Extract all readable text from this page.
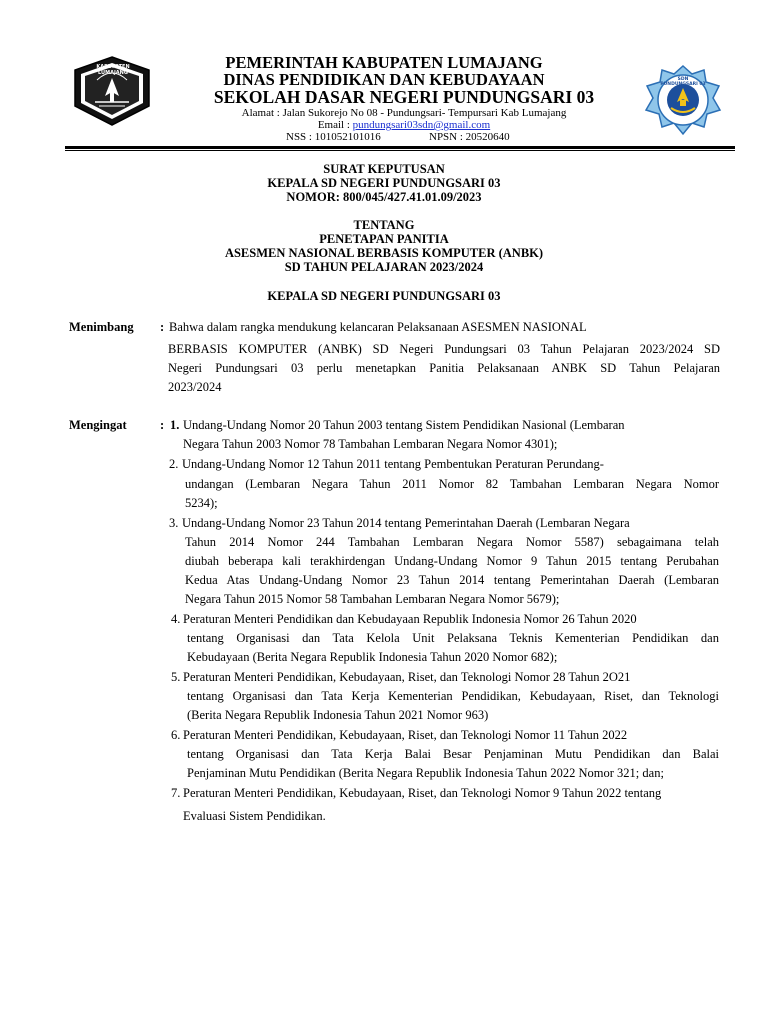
KABUPATEN LUMAJANG
SDN PUNDUNGSARI 03
PEMERINTAH KABUPATEN LUMAJANG
DINAS PENDIDIKAN DAN KEBUDAYAAN
SEKOLAH DASAR NEGERI PUNDUNGSARI 03
Alamat : Jalan Sukorejo No 08 - Pundungsari- Tempursari Kab Lumajang
Email : pundungsari03sdn@gmail.com
NSS : 101052101016	NPSN : 20520640
SURAT KEPUTUSAN
KEPALA SD NEGERI PUNDUNGSARI 03
NOMOR: 800/045/427.41.01.09/2023
TENTANG
PENETAPAN PANITIA
ASESMEN NASIONAL BERBASIS KOMPUTER (ANBK)
SD TAHUN PELAJARAN 2023/2024
KEPALA SD NEGERI PUNDUNGSARI 03
Menimbang : Bahwa dalam rangka mendukung kelancaran Pelaksanaan ASESMEN NASIONAL
BERBASIS KOMPUTER (ANBK) SD Negeri Pundungsari 03 Tahun Pelajaran 2023/2024 SD
Negeri Pundungsari 03 perlu menetapkan Panitia Pelaksanaan ANBK SD Tahun Pelajaran
2023/2024
Mengingat	: 1. Undang-Undang Nomor 20 Tahun 2003 tentang Sistem Pendidikan Nasional (Lembaran
Negara Tahun 2003 Nomor 78 Tambahan Lembaran Negara Nomor 4301);
2. Undang-Undang Nomor 12 Tahun 2011 tentang Pembentukan Peraturan Perundang-
undangan (Lembaran Negara Tahun 2011 Nomor 82 Tambahan Lembaran Negara Nomor
5234);
3. Undang-Undang Nomor 23 Tahun 2014 tentang Pemerintahan Daerah (Lembaran Negara
Tahun 2014 Nomor 244 Tambahan Lembaran Negara Nomor 5587) sebagaimana telah
diubah beberapa kali terakhirdengan Undang-Undang Nomor 9 Tahun 2015 tentang Perubahan
Kedua Atas Undang-Undang Nomor 23 Tahun 2014 tentang Pemerintahan Daerah (Lembaran
Negara Tahun 2015 Nomor 58 Tambahan Lembaran Negara Nomor 5679);
4. Peraturan Menteri Pendidikan dan Kebudayaan Republik Indonesia Nomor 26 Tahun 2020
tentang Organisasi dan Tata Kelola Unit Pelaksana Teknis Kementerian Pendidikan dan
Kebudayaan (Berita Negara Republik Indonesia Tahun 2020 Nomor 682);
5. Peraturan Menteri Pendidikan, Kebudayaan, Riset, dan Teknologi Nomor 28 Tahun 2O21
tentang Organisasi dan Tata Kerja Kementerian Pendidikan, Kebudayaan, Riset, dan Teknologi
(Berita Negara Republik Indonesia Tahun 2021 Nomor 963)
6. Peraturan Menteri Pendidikan, Kebudayaan, Riset, dan Teknologi Nomor 11 Tahun 2022
tentang Organisasi dan Tata Kerja Balai Besar Penjaminan Mutu Pendidikan dan Balai
Penjaminan Mutu Pendidikan (Berita Negara Republik Indonesia Tahun 2022 Nomor 321; dan;
7. Peraturan Menteri Pendidikan, Kebudayaan, Riset, dan Teknologi Nomor 9 Tahun 2022 tentang
Evaluasi Sistem Pendidikan.
